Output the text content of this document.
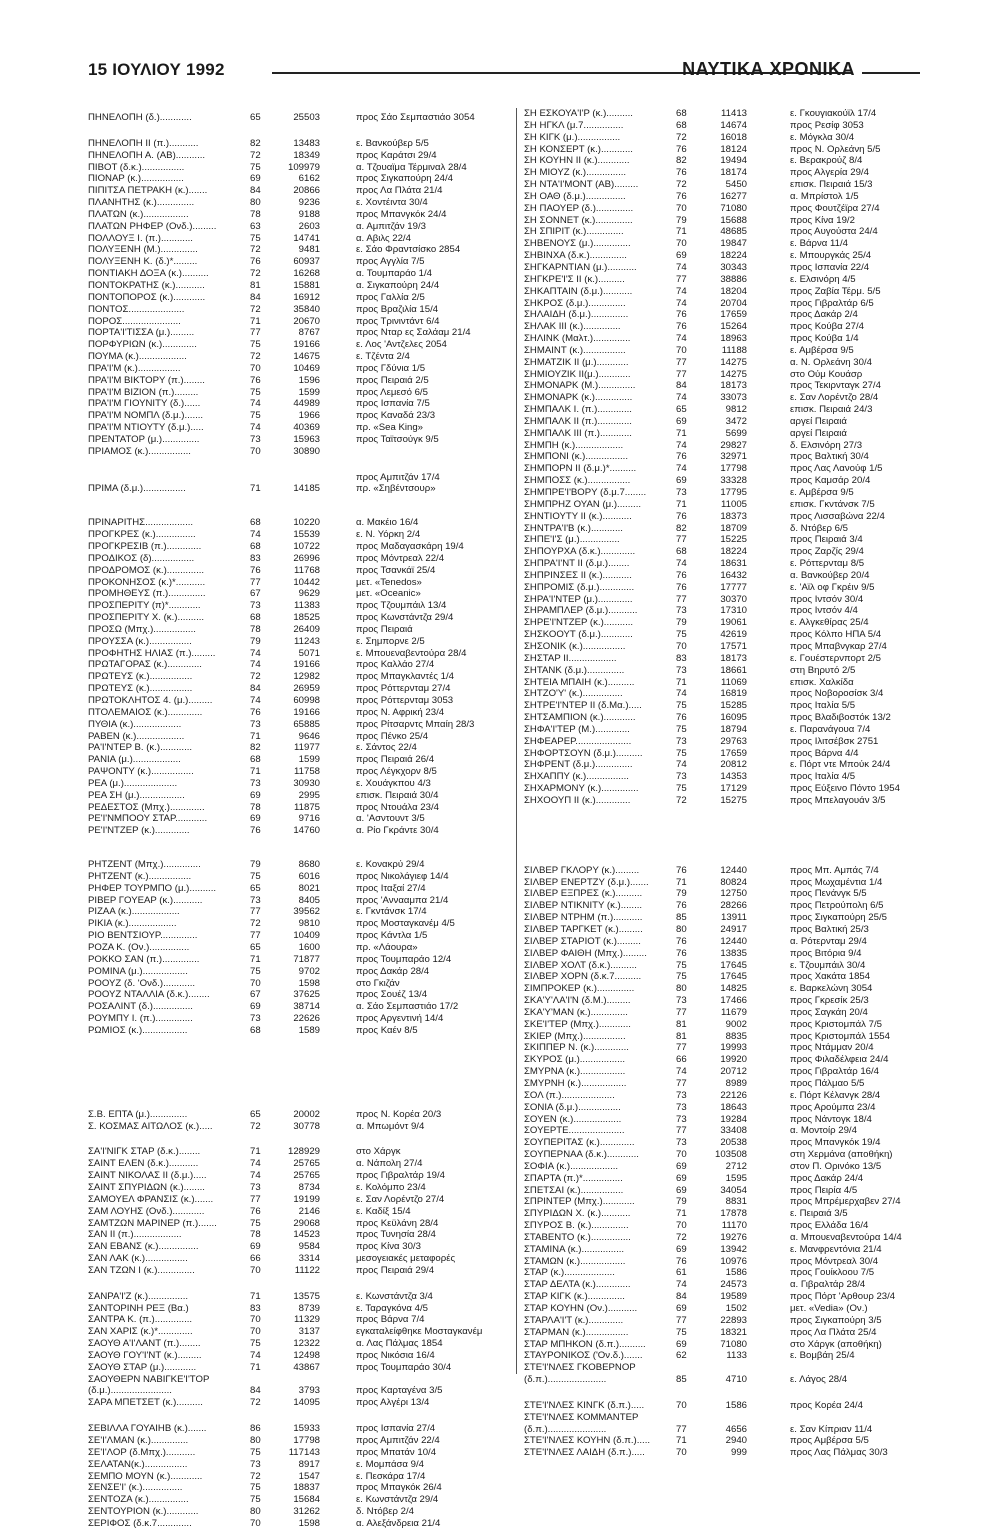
15 ΙΟΥΛΙΟΥ 1992	ΝΑΥΤΙΚΑ ΧΡΟΝΙΚΑ
ΠΗΝΕΛΟΠΗ (δ.)............	65	25503	προς Σάο Σεμπαστιάο 3054
ΠΗΝΕΛΟΠΗ ΙΙ (π.)...........	82	13483	ε. Βανκούβερ 5/5
ΠΗΝΕΛΟΠΗ Α. (ΑΒ)...........	72	18349	προς Καράτσι 29/4
ΠΙΒΟΤ (δ.κ.)................	75	109979	α. Τζουαϊμα Τέρμιναλ 28/4
ΠΙΟΝΑΡ (κ.)................	69	6162	προς Σιγκαπούρη 24/4
ΠΙΠΙΤΣΑ ΠΕΤΡΑΚΗ (κ.).......	84	20866	προς Λα Πλάτα 21/4
ΠΛΑΝΗΤΗΣ (κ.)..............	80	9236	ε. Χοντέιντα 30/4
ΠΛΑΤΩΝ (κ.).................	78	9188	προς Μπανγκόκ 24/4
ΠΛΑΤΩΝ ΡΗΦΕΡ (Ονδ.).........	63	2603	α. Αμπιτζάν 19/3
ΠΟΛΛΟΥΞ Ι. (π.)............	75	14741	α. Αβιλς 22/4
ΠΟΛΥΞΕΝΗ (Μ.)..............	72	9481	ε. Σάο Φραντσίσκο 2854
ΠΟΛΥΞΕΝΗ Κ. (δ.)*.........	76	60937	προς Αγγλία 7/5
ΠΟΝΤΙΑΚΗ ΔΟΞΑ (κ.)..........	72	16268	α. Τουμπαράο 1/4
ΠΟΝΤΟΚΡΑΤΗΣ (κ.)...........	81	15881	α. Σιγκαπούρη 24/4
ΠΟΝΤΟΠΟΡΟΣ (κ.)............	84	16912	προς Γαλλία 2/5
ΠΟΝΤΟΣ.....................	72	35840	προς Βραζιλία 15/4
ΠΟΡΟΣ......................	71	20670	προς Τρινιντάντ 6/4
ΠΟΡΤΑ'Ι'ΤΙΣΣΑ (μ.).........	77	8767	προς Νταρ ες Σαλάαμ 21/4
ΠΟΡΦΥΡΙΩΝ (κ.).............	75	19166	ε. Λος 'Αντζελες 2054
ΠΟΥΜΑ (κ.)..................	72	14675	ε. Τζέντα 2/4
ΠΡΑ'Ι'Μ (κ.)................	70	10469	προς Γδύνια 1/5
ΠΡΑ'Ι'Μ ΒΙΚΤΟΡΥ (π.)........	76	1596	προς Πειραιά 2/5
ΠΡΑ'Ι'Μ ΒΙΖΙΟΝ (π.).........	75	1599	προς Λεμεσό 6/5
ΠΡΑ'Ι'Μ ΓΙΟΥΝΙΤΥ (δ.)......	74	44989	προς Ισπανία 7/5
ΠΡΑ'Ι'Μ ΝΟΜΠΛ (δ.μ.).......	75	1966	προς Καναδά 23/3
ΠΡΑ'Ι'Μ ΝΤΙΟΥΤΥ (δ.μ.).....	74	40369	πρ. «Sea King»
ΠΡΕΝΤΑΤΟΡ (μ.)..............	73	15963	προς Ταϊτσούγκ 9/5
ΠΡΙΑΜΟΣ (κ.)................	70	30890
προς Αμπιτζάν 17/4
ΠΡΙΜΑ (δ.μ.)................	71	14185	πρ. «Σηβέντσουρ»
ΠΡΙΝΑΡΙΤΗΣ..................	68	10220	α. Μακέιο 16/4
ΠΡΟΓΚΡΕΣ (κ.)...............	74	15539	ε. Ν. Υόρκη 2/4
ΠΡΟΓΚΡΕΣΙΒ (π.).............	68	10722	προς Μαδαγασκάρη 19/4
ΠΡΟΔΙΚΟΣ (δ)................	83	26996	προς Μόντρεαλ 22/4
ΠΡΟΔΡΟΜΟΣ (κ.)..............	76	11768	προς Τσανκάϊ 25/4
ΠΡΟΚΟΝΗΣΟΣ (κ.)*...........	77	10442	μετ. «Tenedos»
ΠΡΟΜΗΘΕΥΣ (π.)..............	67	9629	μετ. «Oceanic»
ΠΡΟΣΠΕΡΙΤΥ (π)*............	73	11383	προς Τζουμπάιλ 13/4
ΠΡΟΣΠΕΡΙΤΥ Χ. (κ.)..........	68	18525	προς Κωνστάντζα 29/4
ΠΡΟΣΩ (Μπχ.)................	78	26409	προς Πειραιά
ΠΡΟΥΣΣΑ (κ.)................	79	11243	ε. Σημπορνε 2/5
ΠΡΟΦΗΤΗΣ ΗΛΙΑΣ (π.).........	74	5071	ε. Μπουεναβεντούρα 28/4
ΠΡΩΤΑΓΟΡΑΣ (κ.).............	74	19166	προς Καλλάο 27/4
ΠΡΩΤΕΥΣ (κ.)................	72	12982	προς Μπαγκλαντές 1/4
ΠΡΩΤΕΥΣ (κ.)................	84	26959	προς Ρόττερνταμ 27/4
ΠΡΩΤΟΚΛΗΤΟΣ 4. (μ.).........	74	60998	προς Ρόττερνταμ 3053
ΠΤΟΛΕΜΑΙΟΣ (κ.).............	76	19166	προς Ν. Αφρική 23/4
ΠΥΘΙΑ (κ.)..................	73	65885	προς Ρίτσαρντς Μπαίη 28/3
ΡΑΒΕΝ (κ.)..................	71	9646	προς Πένκο 25/4
ΡΑ'Ι'ΝΤΕΡ Β. (κ.)............	82	11977	ε. Σάντος 22/4
ΡΑΝΙΑ (μ.)..................	68	1599	προς Πειραιά 26/4
ΡΑΨΟΝΤΥ (κ.)................	71	11758	προς Λέγκχορν 8/5
ΡΕΑ (μ.)....................	73	30930	ε. Χουάγκπου 4/3
ΡΕΑ ΣΗ (μ.).................	69	2995	επισκ. Πειραιά 30/4
ΡΕΔΕΣΤΟΣ (Μπχ.).............	78	11875	προς Ντουάλα 23/4
ΡΕ'Ι'ΝΜΠΟΟΥ ΣΤΑΡ............	69	9716	α. 'Ασντουντ 3/5
ΡΕ'Ι'ΝΤΖΕΡ (κ.).............	76	14760	α. Ρίο Γκράντε 30/4
ΡΗΤΖΕΝΤ (Μπχ.)..............	79	8680	ε. Κονακρύ 29/4
ΡΗΤΖΕΝΤ (κ.)................	75	6016	προς Νικολάγιεφ 14/4
ΡΗΦΕΡ ΤΟΥΡΜΠΟ (μ.)..........	65	8021	προς Ιταξαί 27/4
ΡΙΒΕΡ ΓΟΥΕΑΡ (κ.)...........	73	8405	προς 'Αννααμπα 21/4
ΡΙΖΑΑ (κ.)..................	77	39562	ε. Γκντάνσκ 17/4
ΡΙΚΙΑ (κ.)..................	72	9810	προς Μοσταγκανέμ 4/5
ΡΙΟ ΒΕΝΤΣΙΟΥΡ..............	77	10409	προς Κάντλα 1/5
ΡΟΖΑ Κ. (Ον.)...............	65	1600	πρ. «Λάουρα»
ΡΟΚΚΟ ΣΑΝ (π.)..............	71	71877	προς Τουμπαράο 12/4
ΡΟΜΙΝΑ (μ.).................	75	9702	προς Δακάρ 28/4
ΡΟΟΥΖ (δ. 'Ονδ.)............	70	1598	στο Γκιζάν
ΡΟΟΥΖ ΝΤΑΛΛΙΑ (δ.κ.)........	67	37625	προς Σουέζ 13/4
ΡΟΣΑΛΙΝΤ (δ.)...............	69	38714	α. Σάο Σεμπαστιάο 17/2
ΡΟΥΜΠΥ Ι. (π.)..............	73	22626	προς Αργεντινή 14/4
ΡΩΜΙΟΣ (κ.).................	68	1589	προς Καέν 8/5
Σ.Β. ΕΠΤΑ (μ.)..............	65	20002	προς Ν. Κορέα 20/3
Σ. ΚΟΣΜΑΣ ΑΙΤΩΛΟΣ (κ.).....	72	30778	α. Μπωμόντ 9/4
ΣΑ'Ι'ΝΙΓΚ ΣΤΑΡ (δ.κ.)........	71	128929	στο Χάργκ
ΣΑΙΝΤ ΕΛΕΝ (δ.κ.)...........	74	25765	α. Νάπολη 27/4
ΣΑΙΝΤ ΝΙΚΟΛΑΣ ΙΙ (δ.μ.).....	74	25765	προς Γιβραλτάρ 19/4
ΣΑΙΝΤ ΣΠΥΡΙΔΩΝ (κ.)........	73	8734	ε. Κολόμπο 23/4
ΣΑΜΟΥΕΛ ΦΡΑΝΣΙΣ (κ.).......	77	19199	ε. Σαν Λορέντζο 27/4
ΣΑΜ ΛΟΥΗΣ (Ονδ.)............	76	2146	ε. Καδίξ 15/4
ΣΑΜΤΖΩΝ ΜΑΡΙΝΕΡ (π.).......	75	29068	προς Κεϋλάνη 28/4
ΣΑΝ ΙΙ (π.)..................	78	14523	προς Τυνησία 28/4
ΣΑΝ ΕΒΑΝΣ (κ.)...............	69	9584	προς Κίνα 30/3
ΣΑΝ ΛΑΚ (κ.)................	66	3314	μεσογειακές μεταφορές
ΣΑΝ ΤΖΩΝ Ι (κ.)..............	70	11122	προς Πειραιά 29/4
ΣΑΝΡΑ'Ι'Ζ (κ.)...............	71	13575	ε. Κωνστάντζα 3/4
ΣΑΝΤΟΡΙΝΗ ΡΕΞ (Βα.)	83	8739	ε. Ταραγκόνα 4/5
ΣΑΝΤΡΑ Κ. (π.)..............	70	11329	προς Βάρνα 7/4
ΣΑΝ ΧΑΡΙΣ (κ.)*.............	70	3137	εγκαταλείφθηκε Μοσταγκανέμ
ΣΑΟΥΘ Α'Ι'ΛΑΝΤ (π.)........	75	12322	α. Λας Πάλμας 1854
ΣΑΟΥΘ ΓΟΥ'Ι'ΝΤ (κ.).........	74	12498	προς Νικόσια 16/4
ΣΑΟΥΘ ΣΤΑΡ (μ.)............	71	43867	προς Τουμπαράο 30/4
ΣΑΟΥΘΕΡΝ ΝΑΒΙΓΚΕ'Ι'ΤΟΡ
(δ.μ.).......................	84	3793	προς Καρταγένα 3/5
ΣΑΡΑ ΜΠΕΤΣΕΤ (κ.)..........	72	14095	προς Αλγέρι 13/4
ΣΕΒΙΛΛΑ ΓΟΥΑΙΗΒ (κ.).......	86	15933	προς Ισπανία 27/4
ΣΕ'Ι'ΛΜΑΝ (κ.)..............	80	17798	προς Αμπιτζάν 22/4
ΣΕ'Ι'ΛΟΡ (δ.Μπχ.)...........	75	117143	προς Μπατάν 10/4
ΣΕΛΑΤΑΝ(κ.)................	73	8917	ε. Μομπάσα 9/4
ΣΕΜΠΟ ΜΟΥΝ (κ.)............	72	1547	ε. Πεσκάρα 17/4
ΣΕΝΣΕ'Ι' (κ.)...............	75	18837	προς Μπαγκόκ 26/4
ΣΕΝΤΟΖΑ (κ.)...............	75	15684	ε. Κωνστάντζα 29/4
ΣΕΝΤΟΥΡΙΟΝ (κ.)............	80	31262	δ. Ντόβερ 2/4
ΣΕΡΙΦΟΣ (δ.κ.7.............	70	1598	α. Αλεξάνδρεια 21/4
ΣΗ ΕΣΚΟΥΑ'Ι'Ρ (κ.)..........	68	11413	ε. Γκουγιακούϊλ 17/4
ΣΗ ΗΓΚΛ (μ.7...............	68	14674	προς Ρεσίφ 3053
ΣΗ ΚΙΓΚ (μ.)................	72	16018	ε. Μόγκλα 30/4
ΣΗ ΚΟΝΣΕΡΤ (κ.)............	76	18124	προς Ν. Ορλεάνη 5/5
ΣΗ ΚΟΥΗΝ ΙΙ (κ.)............	82	19494	ε. Βερακρούζ 8/4
ΣΗ ΜΙΟΥΖ (κ.)...............	76	18174	προς Αλγερία 29/4
ΣΗ ΝΤΑ'Ι'ΜΟΝΤ (ΑΒ).........	72	5450	επισκ. Πειραιά 15/3
ΣΗ ΟΑΘ (δ.μ.)...............	76	16277	α. Μπρίστολ 1/5
ΣΗ ΠΑΟΥΕΡ (δ.)..............	70	71080	προς Φουτζέϊρα 27/4
ΣΗ ΣΟΝΝΕΤ (κ.)..............	79	15688	προς Κίνα 19/2
ΣΗ ΣΠΙΡΙΤ (κ.)..............	71	48685	προς Αυγούστα 24/4
ΣΗΒΕΝΟΥΣ (μ.)..............	70	19847	ε. Βάρνα 11/4
ΣΗΒΙΝΧΑ (δ.κ.)..............	69	18224	ε. Μπουργκάς 25/4
ΣΗΓΚΑΡΝΤΙΑΝ (μ.)...........	74	30343	προς Ισπανία 22/4
ΣΗΓΚΡΕ'Ι'Σ ΙΙ (κ.)..........	77	38886	ε. Ελσινόρη 4/5
ΣΗΚΑΠΤΑΙΝ (δ.μ.)...........	74	18204	προς Ζαβία Τέρμ. 5/5
ΣΗΚΡΟΣ (δ.μ.)..............	74	20704	προς Γιβραλτάρ 6/5
ΣΗΛΑΙΔΗ (δ.μ.)..............	76	17659	προς Δακάρ 2/4
ΣΗΛΑΚ ΙΙΙ (κ.)..............	76	15264	προς Κούβα 27/4
ΣΗΛΙΝΚ (Μαλτ.)..............	74	18963	προς Κούβα 1/4
ΣΗΜΑΙΝΤ (κ.)................	70	11188	ε. Αμβέρσα 9/5
ΣΗΜΑΤΖΙΚ ΙΙ (μ.)............	77	14275	α. Ν. Ορλεάνη 30/4
ΣΗΜΙΟΥΖΙΚ ΙΙ(μ.)............	77	14275	στο Ούμ Κουάσρ
ΣΗΜΟΝΑΡΚ (Μ.)..............	84	18173	προς Τεκιρνταγκ 27/4
ΣΗΜΟΝΑΡΚ (κ.)..............	74	33073	ε. Σαν Λορέντζο 28/4
ΣΗΜΠΑΛΚ Ι. (π.).............	65	9812	επισκ. Πειραιά 24/3
ΣΗΜΠΑΛΚ ΙΙ (π.).............	69	3472	αργεί Πειραιά
ΣΗΜΠΑΛΚ ΙΙΙ (π.)............	71	5699	αργεί Πειραιά
ΣΗΜΠΗ (κ.)..................	74	29827	δ. Ελσινόρη 27/3
ΣΗΜΠΟΝΙ (κ.)................	76	32971	προς Βαλτική 30/4
ΣΗΜΠΟΡΝ ΙΙ (δ.μ.)*..........	74	17798	προς Λας Λανούφ 1/5
ΣΗΜΠΟΣΣ (κ.)................	69	33328	προς Καμσάρ 20/4
ΣΗΜΠΡΕ'Ι'ΒΟΡΥ (δ.μ.7........	73	17795	ε. Αμβέρσα 9/5
ΣΗΜΠΡΗΖ ΟΥΑΝ (μ.).........	71	11005	επισκ. Γκντάνσκ 7/5
ΣΗΝΤΙΟΥΤΥ ΙΙ (κ.)...........	76	18373	προς Λισσαβώνα 22/4
ΣΗΝΤΡΑ'Ι'Β (κ.)............	82	18709	δ. Ντόβερ 6/5
ΣΗΠΕ'Ι'Σ (μ.)...............	77	15225	προς Πειραιά 3/4
ΣΗΠΟΥΡΧΑ (δ.κ.).............	68	18224	προς Ζαρζίς 29/4
ΣΗΠΡΑ'Ι'ΝΤ ΙΙ (δ.μ.)........	74	18631	ε. Ρόττερνταμ 8/5
ΣΗΠΡΙΝΣΕΣ ΙΙ (κ.)...........	76	16432	α. Βανκούβερ 20/4
ΣΗΠΡΟΜΙΣ (δ.μ.).............	76	17777	ε. 'Αϊλ οφ Γκρέιν 9/5
ΣΗΡΑ'Ι'ΝΤΕΡ (μ.).............	77	30370	προς Ιντσόν 30/4
ΣΗΡΑΜΠΛΕΡ (δ.μ.)...........	73	17310	προς Ιντσόν 4/4
ΣΗΡΕ'Ι'ΝΤΖΕΡ (κ.)...........	79	19061	ε. Αλγκεθίρας 25/4
ΣΗΣΚΟΟΥΤ (δ.μ.)............	75	42619	προς Κόλπο ΗΠΑ 5/4
ΣΗΣΟΝΙΚ (κ.)................	70	17571	προς Μπαβνγκαρ 27/4
ΣΗΣΤΑΡ ΙΙ..................	83	18173	ε. Γουέστερνπορτ 2/5
ΣΗΤΑΝΚ (δ.μ.)..............	73	18661	στη Βηρυτό 2/5
ΣΗΤΕΙΑ ΜΠΑΙΗ (κ.)..........	71	11069	επισκ. Χαλκίδα
ΣΗΤΖΟ'Υ' (κ.)...............	74	16819	προς Νοβοροσίσκ 3/4
ΣΗΤΡΕ'Ι'ΝΤΕΡ ΙΙ (δ.Μα.).....	75	15285	προς Ιταλία 5/5
ΣΗΤΣΑΜΠΙΟΝ (κ.)............	76	16095	προς Βλαδιβοστόκ 13/2
ΣΗΦΑ'Ι'ΤΕΡ (Μ.).............	75	18794	ε. Παρανάγουα 7/4
ΣΗΦΕΑΡΕΡ.....................	73	29763	προς Ιλιτσέβσκ 2751
ΣΗΦΟΡΤΣΟΥΝ (δ.μ.)..........	75	17659	προς Βάρνα 4/4
ΣΗΦΡΕΝΤ (δ.μ.)..............	74	20812	ε. Πόρτ ντε Μπούκ 24/4
ΣΗΧΑΠΠΥ (κ.)................	73	14353	προς Ιταλία 4/5
ΣΗΧΑΡΜΟΝΥ (κ.)..............	75	17129	προς Εύξεινο Πόντο 1954
ΣΗΧΟΟΥΠ ΙΙ (κ.).............	72	15275	προς Μπελαγουάν 3/5
ΣΙΛΒΕΡ ΓΚΛΟΡΥ (κ.).........	76	12440	προς Μπ. Αμπάς 7/4
ΣΙΛΒΕΡ ΕΝΕΡΤΖΥ (δ.μ.).......	71	80824	προς Μωχαμέντια 1/4
ΣΙΛΒΕΡ ΕΞΠΡΕΣ (κ.)..........	79	12750	προς Πενάνγκ 5/5
ΣΙΛΒΕΡ ΝΤΙΚΝΙΤΥ (κ.)........	76	28266	προς Πετρούπολη 6/5
ΣΙΛΒΕΡ ΝΤΡΗΜ (π.)...........	85	13911	προς Σιγκαπούρη 25/5
ΣΙΛΒΕΡ ΤΑΡΓΚΕΤ (κ.).........	80	24917	προς Βαλτική 25/3
ΣΙΛΒΕΡ ΣΤΑΡΙΟΤ (κ.).........	76	12440	α. Ρότερνταμ 29/4
ΣΙΛΒΕΡ ΦΑΙΘΗ (Μπχ.).........	76	13835	προς Βιτόρια 9/4
ΣΙΛΒΕΡ ΧΟΛΤ (δ.κ.)..........	75	17645	ε. Τζουμπάιλ 30/4
ΣΙΛΒΕΡ ΧΟΡΝ (δ.κ.7..........	75	17645	προς Χακάτα 1854
ΣΙΜΠΡΟΚΕΡ (κ.)..............	80	14825	ε. Βαρκελώνη 3054
ΣΚΑ'Υ'ΛΑ'Ι'Ν (δ.Μ.).........	73	17466	προς Γκρεσίκ 25/3
ΣΚΑ'Υ'ΜΑΝ (κ.)..............	77	11679	προς Σαγκάη 20/4
ΣΚΕ'Ι'ΤΕΡ (Μπχ.)............	81	9002	προς Κριστομπάλ 7/5
ΣΚΙΕΡ (Μπχ.)................	81	8835	προς Κριστομπάλ 1554
ΣΚΙΠΠΕΡ Ν. (κ.).............	77	19993	προς Ντάμμαν 20/4
ΣΚΥΡΟΣ (μ.).................	66	19920	προς Φιλαδέλφεια 24/4
ΣΜΥΡΝΑ (κ.).................	74	20712	προς Γιβραλτάρ 16/4
ΣΜΥΡΝΗ (κ.).................	77	8989	προς Πάλμαο 5/5
ΣΟΛ (π.)....................	73	22126	ε. Πόρτ Κέλανγκ 28/4
ΣΟΝΙΑ (δ.μ.)................	73	18643	προς Αρούμπα 23/4
ΣΟΥΕΝ (κ.)..................	73	19284	προς Νάντογκ 18/4
ΣΟΥΕΡΤΕ.....................	77	33408	α. Μοντοίρ 29/4
ΣΟΥΠΕΡΙΤΑΣ (κ.).............	73	20538	προς Μπανγκόκ 19/4
ΣΟΥΠΕΡΝΑΑ (δ.κ.)............	70	103508	στη Χερμάνα (αποθήκη)
ΣΟΦΙΑ (κ.)..................	69	2712	στον Π. Ορινόκο 13/5
ΣΠΑΡΤΑ (π.)*...............	69	1595	προς Δακάρ 24/4
ΣΠΕΤΣΑΙ (κ.)................	69	34054	προς Πειρία 4/5
ΣΠΡΙΝΤΕΡ (Μπχ.)............	79	8831	προς Μπρέμερχαβεν 27/4
ΣΠΥΡΙΔΩΝ Χ. (κ.)...........	71	17878	ε. Πειραιά 3/5
ΣΠΥΡΟΣ Β. (κ.)..............	70	11170	προς Ελλάδα 16/4
ΣΤΑΒΕΝΤΟ (κ.)...............	72	19276	α. Μπουεναβεντούρα 14/4
ΣΤΑΜΙΝΑ (κ.)................	69	13942	ε. Μανφρεντόνια 21/4
ΣΤΑΜΩΝ (κ.).................	76	10976	προς Μόντρεαλ 30/4
ΣΤΑΡ (κ.)...................	61	1586	προς Γουίκλοου 7/5
ΣΤΑΡ ΔΕΛΤΑ (κ.).............	74	24573	α. Γιβραλτάρ 28/4
ΣΤΑΡ ΚΙΓΚ (κ.)..............	84	19589	προς Πόρτ 'Αρθουρ 23/4
ΣΤΑΡ ΚΟΥΗΝ (Ον.)...........	69	1502	μετ. «Vedia» (Ον.)
ΣΤΑΡΛΑ'Ι'Τ (κ.).............	77	22893	προς Σιγκαπούρη 3/5
ΣΤΑΡΜΑΝ (κ.)................	75	18321	προς Λα Πλάτα 25/4
ΣΤΑΡ ΜΠΗΚΟΝ (δ.π.)..........	69	71080	στο Χάργκ (αποθήκη)
ΣΤΑΥΡΟΝΙΚΟΣ ('Ον.δ.).......	62	1133	ε. Βομβάη 25/4
ΣΤΕ'Ι'ΝΛΕΣ ΓΚΟΒΕΡΝΟΡ
(δ.π.)......................	85	4710	ε. Λάγος 28/4
ΣΤΕ'Ι'ΝΛΕΣ ΚΙΝΓΚ (δ.π.).....	70	1586	προς Κορέα 24/4
ΣΤΕ'Ι'ΝΛΕΣ ΚΟΜΜΑΝΤΕΡ
(δ.π.)......................	77	4656	ε. Σαν Κίπριαν 11/4
ΣΤΕ'Ι'ΝΛΕΣ ΚΟΥΗΝ (δ.π.).....	71	2940	προς Αμβέρσα 5/5
ΣΤΕ'Ι'ΝΛΕΣ ΛΑΙΔΗ (δ.π.).....	70	999	προς Λας Πάλμας 30/3
